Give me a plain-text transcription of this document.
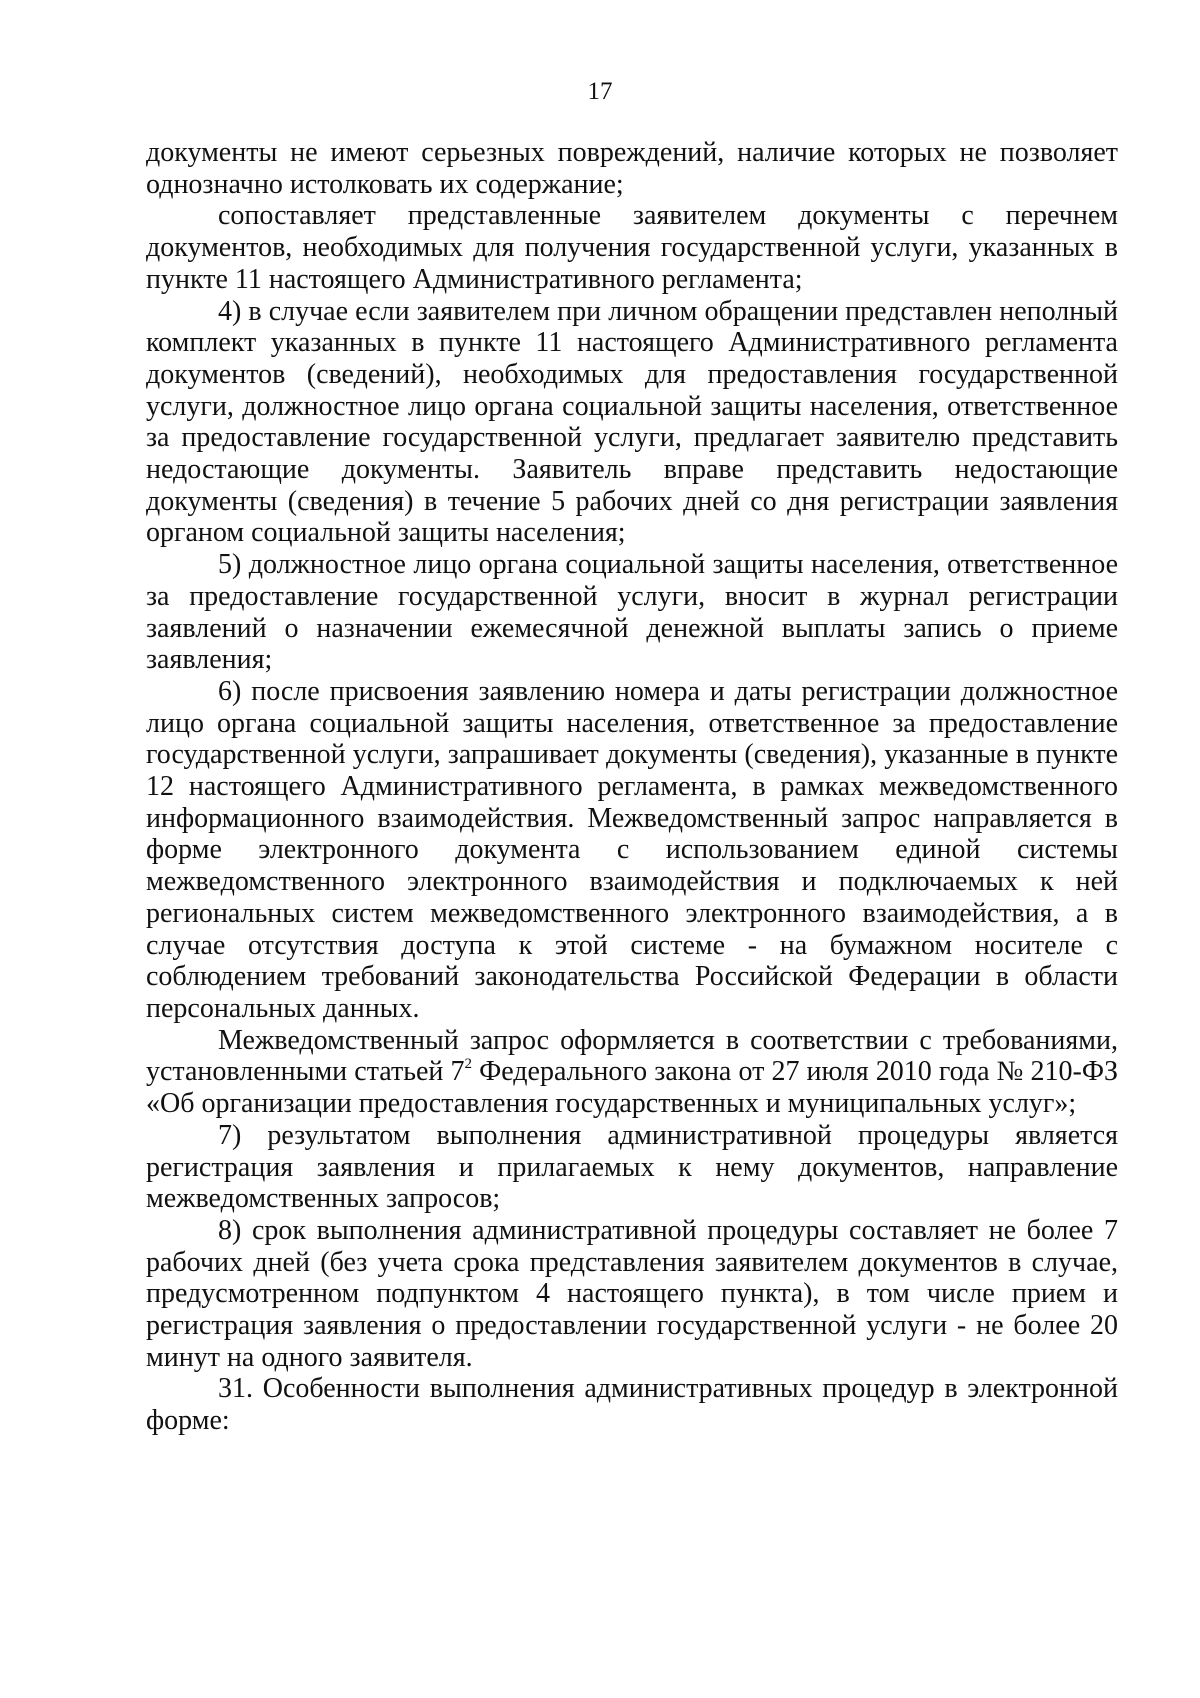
17

документы не имеют серьезных повреждений, наличие которых не позволяет однозначно истолковать их содержание;

сопоставляет представленные заявителем документы с перечнем документов, необходимых для получения государственной услуги, указанных в пункте 11 настоящего Административного регламента;

4) в случае если заявителем при личном обращении представлен неполный комплект указанных в пункте 11 настоящего Административного регламента документов (сведений), необходимых для предоставления государственной услуги, должностное лицо органа социальной защиты населения, ответственное за предоставление государственной услуги, предлагает заявителю представить недостающие документы. Заявитель вправе представить недостающие документы (сведения) в течение 5 рабочих дней со дня регистрации заявления органом социальной защиты населения;

5) должностное лицо органа социальной защиты населения, ответственное за предоставление государственной услуги, вносит в журнал регистрации заявлений о назначении ежемесячной денежной выплаты запись о приеме заявления;

6) после присвоения заявлению номера и даты регистрации должностное лицо органа социальной защиты населения, ответственное за предоставление государственной услуги, запрашивает документы (сведения), указанные в пункте 12 настоящего Административного регламента, в рамках межведомственного информационного взаимодействия. Межведомственный запрос направляется в форме электронного документа с использованием единой системы межведомственного электронного взаимодействия и подключаемых к ней региональных систем межведомственного электронного взаимодействия, а в случае отсутствия доступа к этой системе - на бумажном носителе с соблюдением требований законодательства Российской Федерации в области персональных данных.

Межведомственный запрос оформляется в соответствии с требованиями, установленными статьей $7^2$ Федерального закона от 27 июля 2010 года № 210-ФЗ «Об организации предоставления государственных и муниципальных услуг»;

7) результатом выполнения административной процедуры является регистрация заявления и прилагаемых к нему документов, направление межведомственных запросов;

8) срок выполнения административной процедуры составляет не более 7 рабочих дней (без учета срока представления заявителем документов в случае, предусмотренном подпунктом 4 настоящего пункта), в том числе прием и регистрация заявления о предоставлении государственной услуги - не более 20 минут на одного заявителя.

31. Особенности выполнения административных процедур в электронной форме:
